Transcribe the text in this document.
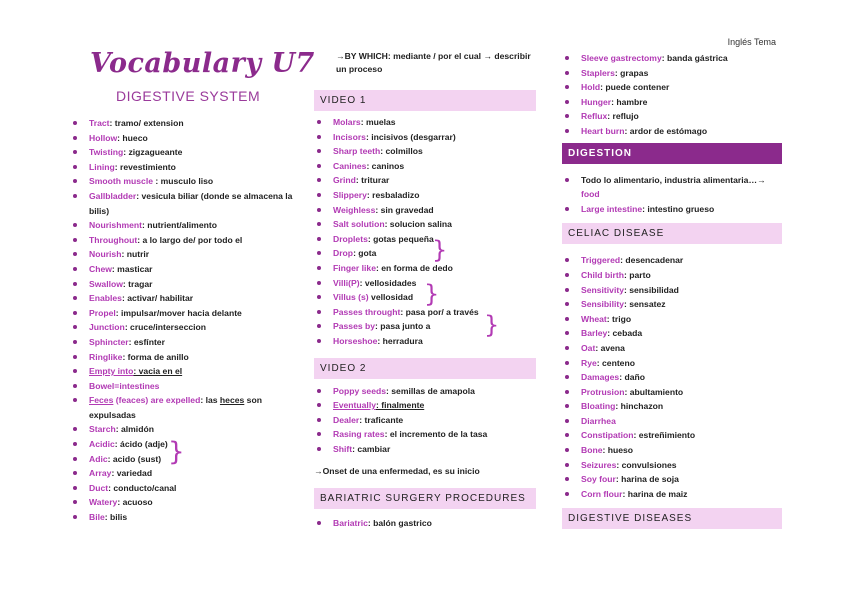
Inglés Tema
Vocabulary U7
DIGESTIVE SYSTEM
Tract: tramo/ extension
Hollow: hueco
Twisting: zigzagueante
Lining: revestimiento
Smooth muscle : musculo liso
Gallbladder: vesicula biliar (donde se almacena la bilis)
Nourishment: nutrient/alimento
Throughout: a lo largo de/ por todo el
Nourish: nutrir
Chew: masticar
Swallow: tragar
Enables: activar/ habilitar
Propel: impulsar/mover hacia delante
Junction: cruce/interseccion
Sphincter: esfínter
Ringlike: forma de anillo
Empty into: vacia en el
Bowel=intestines
Feces (feaces) are expelled: las heces son expulsadas
Starch: almidón
Acidic: ácido (adje)
Adic: acido (sust)
Array: variedad
Duct: conducto/canal
Watery: acuoso
Bile: bilis
}
→BY WHICH: mediante / por el cual → describir un proceso
VIDEO 1
Molars: muelas
Incisors: incisivos (desgarrar)
Sharp teeth: colmillos
Canines: caninos
Grind: triturar
Slippery: resbaladizo
Weighless: sin gravedad
Salt solution: solucion salina
Droplets: gotas pequeña
Drop: gota
Finger like: en forma de dedo
Villi(P): vellosidades
Villus (s) vellosidad
Passes throught: pasa por/ a través
Passes by: pasa junto a
Horseshoe: herradura
}
}
}
VIDEO 2
Poppy seeds: semillas de amapola
Eventually: finalmente
Dealer: traficante
Rasing rates: el incremento de la tasa
Shift: cambiar
→Onset de una enfermedad, es su inicio
BARIATRIC SURGERY PROCEDURES
Bariatric: balón gastrico
Sleeve gastrectomy: banda gástrica
Staplers: grapas
Hold: puede contener
Hunger: hambre
Reflux: reflujo
Heart burn: ardor de estómago
DIGESTION
Todo lo alimentario, industria alimentaria…→
food
Large intestine: intestino grueso
CELIAC DISEASE
Triggered: desencadenar
Child birth: parto
Sensitivity: sensibilidad
Sensibility: sensatez
Wheat: trigo
Barley: cebada
Oat: avena
Rye: centeno
Damages: daño
Protrusion: abultamiento
Bloating: hinchazon
Diarrhea
Constipation: estreñimiento
Bone: hueso
Seizures: convulsiones
Soy four: harina de soja
Corn flour: harina de maiz
DIGESTIVE DISEASES
